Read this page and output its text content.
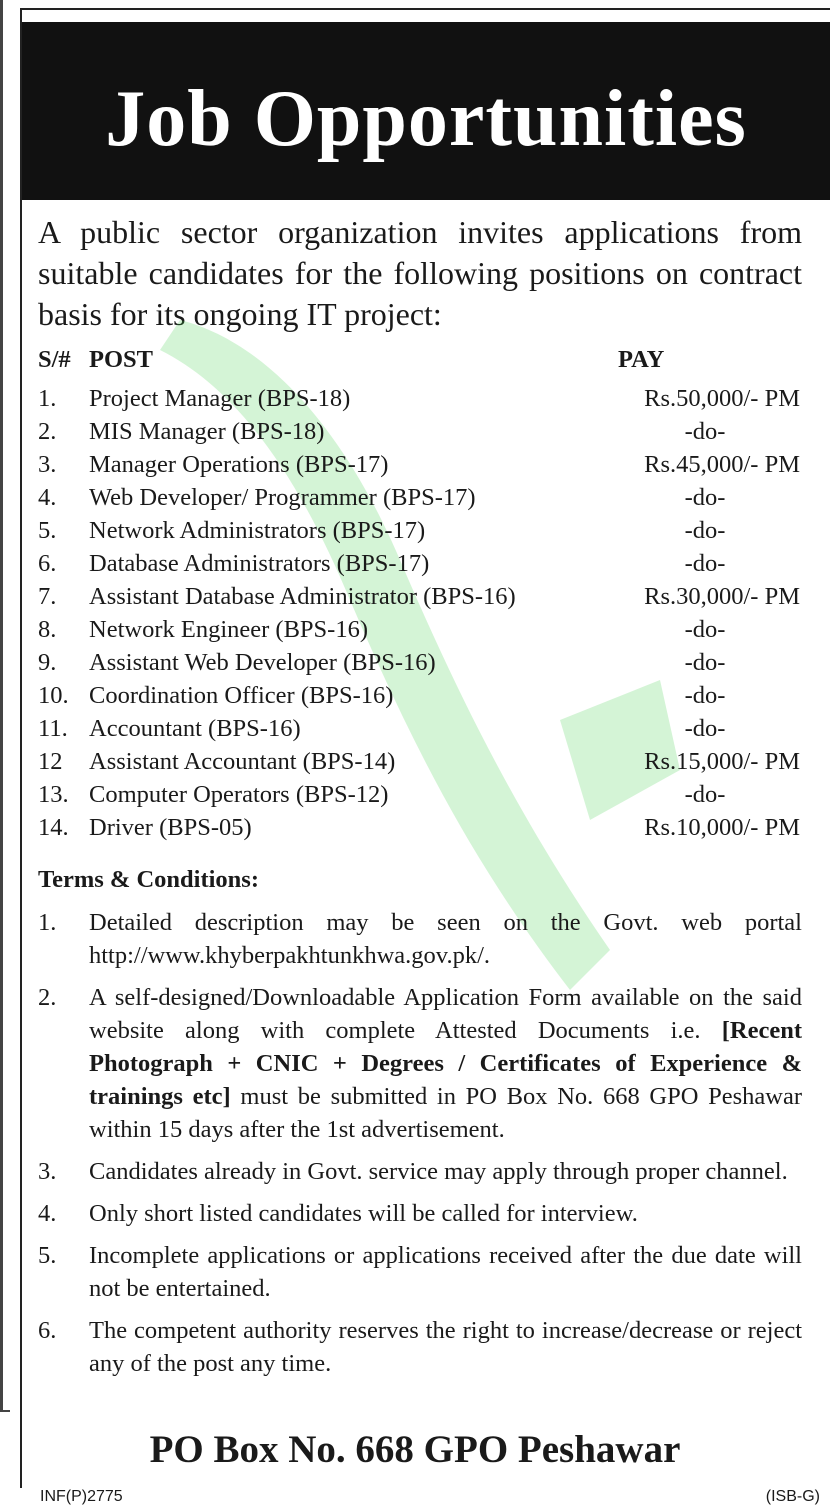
Job Opportunities
A public sector organization invites applications from suitable candidates for the following positions on contract basis for its ongoing IT project:
S/# POST	PAY
1. Project Manager (BPS-18)	Rs.50,000/- PM
2. MIS Manager (BPS-18)	-do-
3. Manager Operations (BPS-17)	Rs.45,000/- PM
4. Web Developer/ Programmer (BPS-17)	-do-
5. Network Administrators (BPS-17)	-do-
6. Database Administrators (BPS-17)	-do-
7. Assistant Database Administrator (BPS-16)	Rs.30,000/- PM
8. Network Engineer (BPS-16)	-do-
9. Assistant Web Developer (BPS-16)	-do-
10. Coordination Officer (BPS-16)	-do-
11. Accountant (BPS-16)	-do-
12 Assistant Accountant (BPS-14)	Rs.15,000/- PM
13. Computer Operators (BPS-12)	-do-
14. Driver (BPS-05)	Rs.10,000/- PM
Terms & Conditions:
1. Detailed description may be seen on the Govt. web portal http://www.khyberpakhtunkhwa.gov.pk/.
2. A self-designed/Downloadable Application Form available on the said website along with complete Attested Documents i.e. [Recent Photograph + CNIC + Degrees / Certificates of Experience & trainings etc] must be submitted in PO Box No. 668 GPO Peshawar within 15 days after the 1st advertisement.
3. Candidates already in Govt. service may apply through proper channel.
4. Only short listed candidates will be called for interview.
5. Incomplete applications or applications received after the due date will not be entertained.
6. The competent authority reserves the right to increase/decrease or reject any of the post any time.
PO Box No. 668 GPO Peshawar
INF(P)2775	(ISB-G)
